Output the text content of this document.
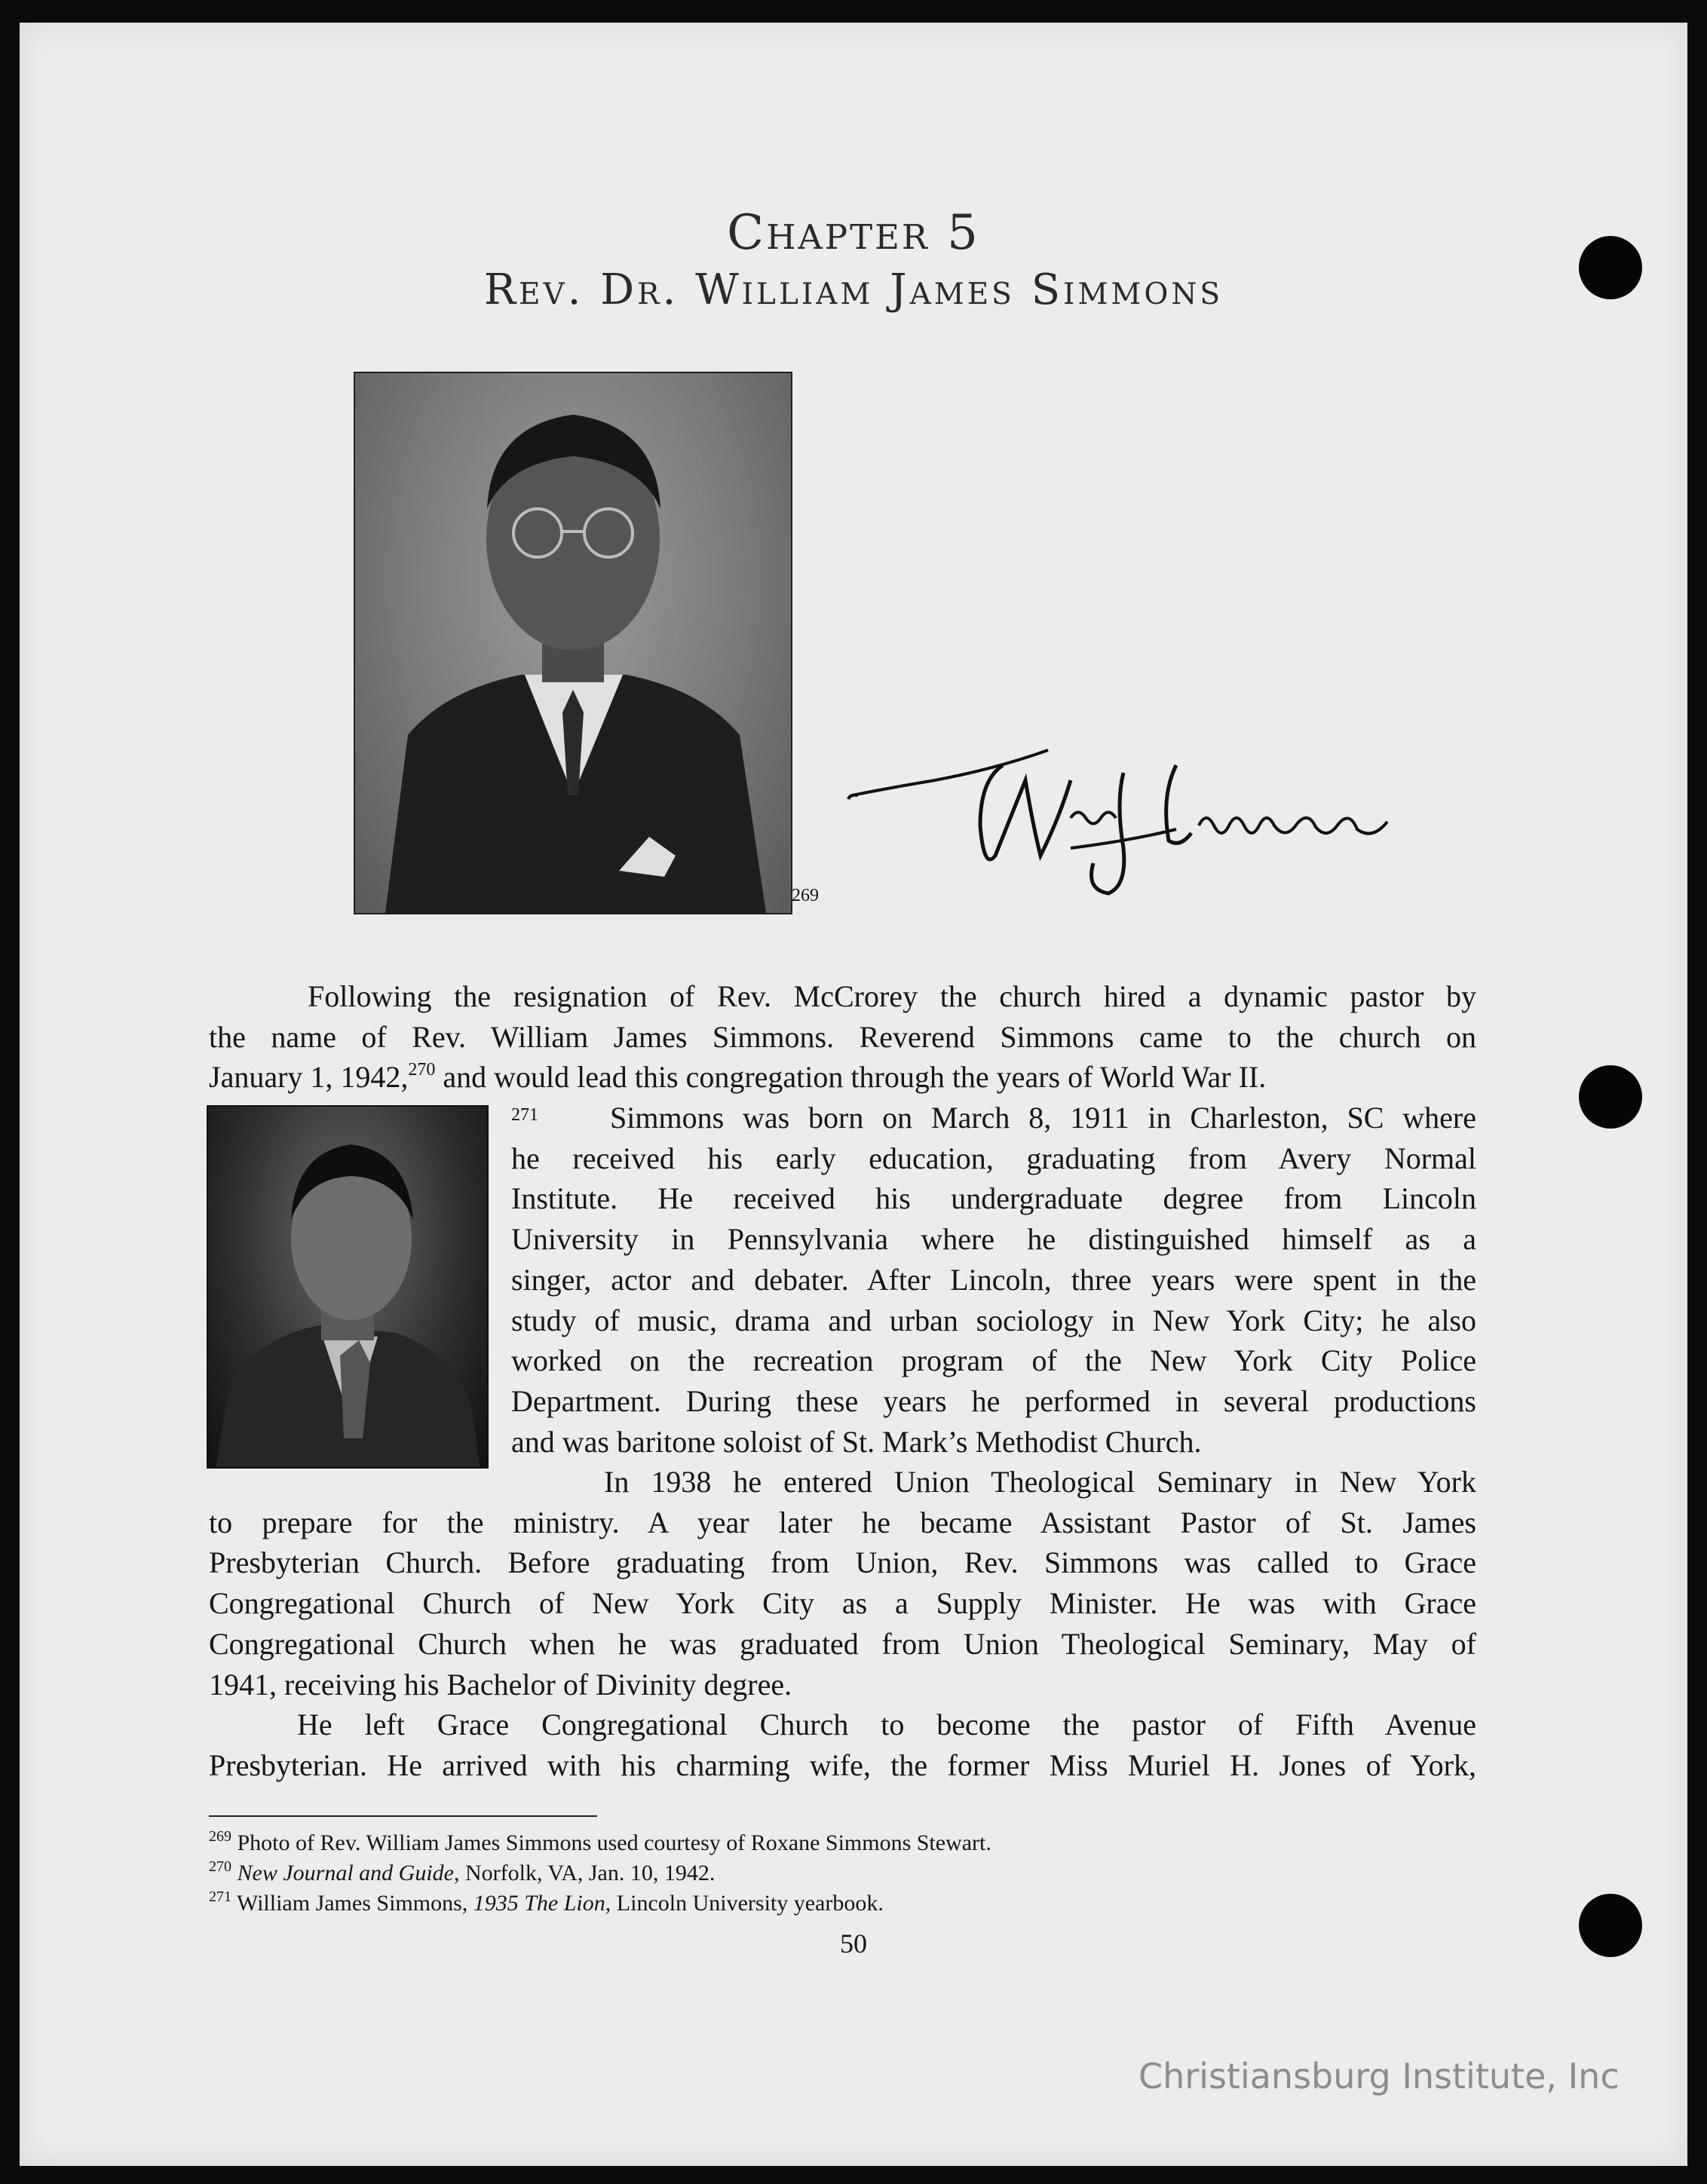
Chapter 5
Rev. Dr. William James Simmons
269
Following the resignation of Rev. McCrorey the church hired a dynamic pastor by
the name of Rev. William James Simmons. Reverend Simmons came to the church on
January 1, 1942,$^{270}$ and would lead this congregation through the years of World War II.
271	Simmons was born on March 8, 1911 in Charleston, SC where
he received his early education, graduating from Avery Normal
Institute. He received his undergraduate degree from Lincoln
University in Pennsylvania where he distinguished himself as a
singer, actor and debater. After Lincoln, three years were spent in the
study of music, drama and urban sociology in New York City; he also
worked on the recreation program of the New York City Police
Department. During these years he performed in several productions
and was baritone soloist of St. Mark’s Methodist Church.
In 1938 he entered Union Theological Seminary in New York
to prepare for the ministry. A year later he became Assistant Pastor of St. James
Presbyterian Church. Before graduating from Union, Rev. Simmons was called to Grace
Congregational Church of New York City as a Supply Minister. He was with Grace
Congregational Church when he was graduated from Union Theological Seminary, May of
1941, receiving his Bachelor of Divinity degree.
He left Grace Congregational Church to become the pastor of Fifth Avenue
Presbyterian. He arrived with his charming wife, the former Miss Muriel H. Jones of York,
$^{269}$ Photo of Rev. William James Simmons used courtesy of Roxane Simmons Stewart.
$^{270}$ New Journal and Guide, Norfolk, VA, Jan. 10, 1942.
$^{271}$ William James Simmons, 1935 The Lion, Lincoln University yearbook.
50
Christiansburg Institute, Inc
